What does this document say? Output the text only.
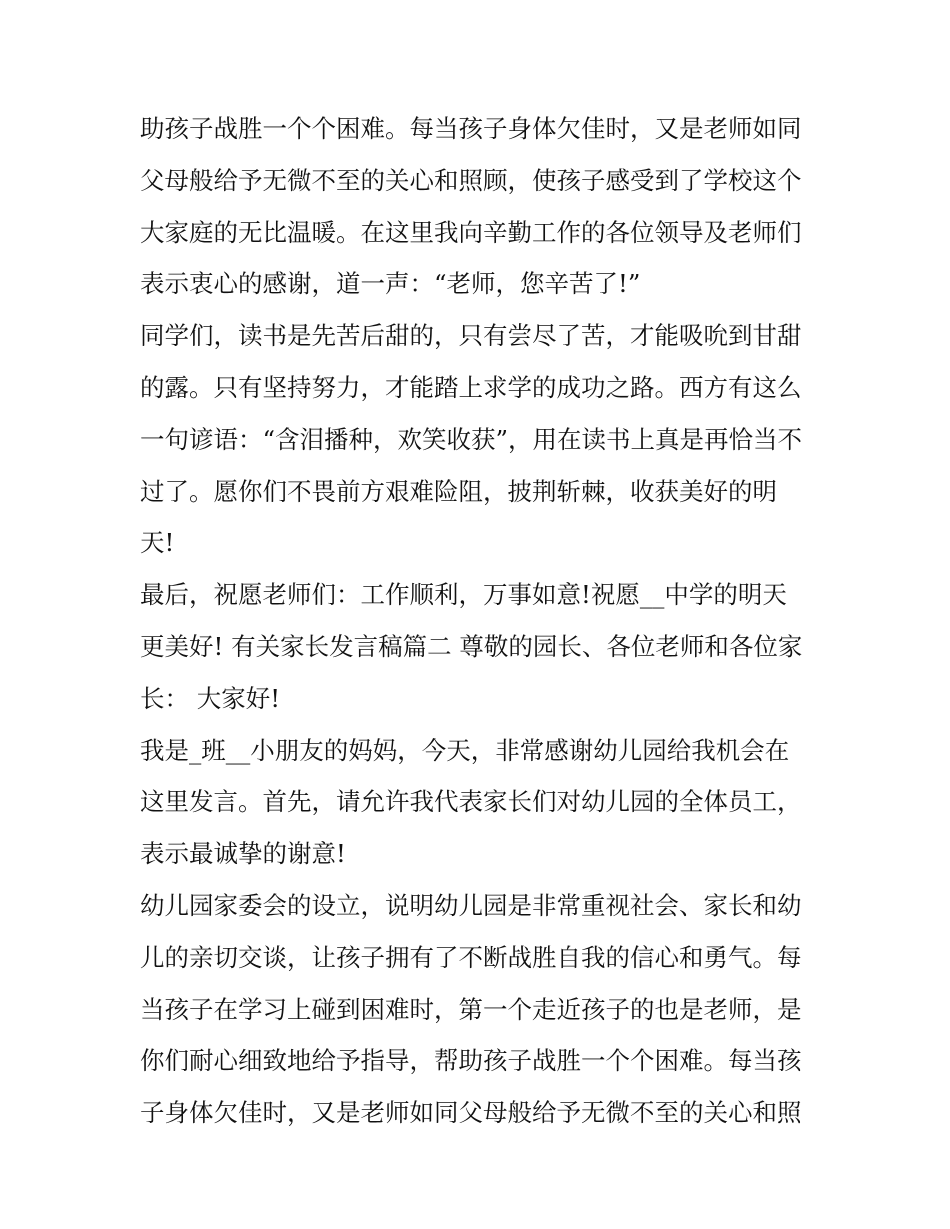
助孩子战胜一个个困难。每当孩子身体欠佳时，又是老师如同
父母般给予无微不至的关心和照顾，使孩子感受到了学校这个
大家庭的无比温暖。在这里我向辛勤工作的各位领导及老师们
表示衷心的感谢，道一声：“老师，您辛苦了!”
同学们，读书是先苦后甜的，只有尝尽了苦，才能吸吮到甘甜
的露。只有坚持努力，才能踏上求学的成功之路。西方有这么
一句谚语：“含泪播种，欢笑收获”，用在读书上真是再恰当不
过了。愿你们不畏前方艰难险阻，披荆斩棘，收获美好的明
天!
最后，祝愿老师们：工作顺利，万事如意!祝愿__中学的明天
更美好! 有关家长发言稿篇二 尊敬的园长、各位老师和各位家
长： 大家好!
我是_班__小朋友的妈妈，今天，非常感谢幼儿园给我机会在
这里发言。首先，请允许我代表家长们对幼儿园的全体员工，
表示最诚挚的谢意!
幼儿园家委会的设立，说明幼儿园是非常重视社会、家长和幼
儿的亲切交谈，让孩子拥有了不断战胜自我的信心和勇气。每
当孩子在学习上碰到困难时，第一个走近孩子的也是老师，是
你们耐心细致地给予指导，帮助孩子战胜一个个困难。每当孩
子身体欠佳时，又是老师如同父母般给予无微不至的关心和照
